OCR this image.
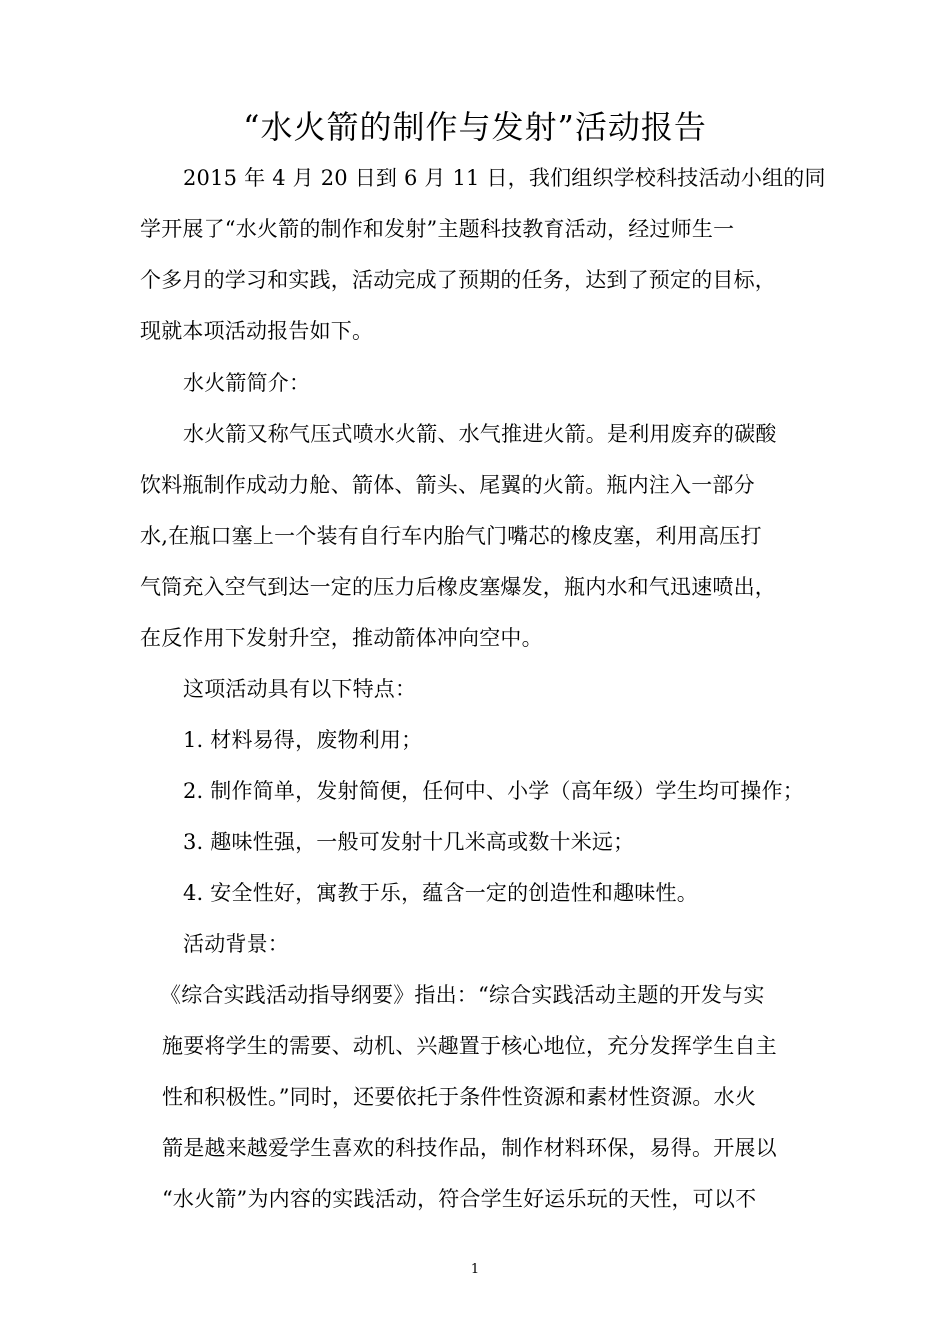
“水火箭的制作与发射”活动报告
2015 年 4 月 20 日到 6 月 11 日，我们组织学校科技活动小组的同
学开展了“水火箭的制作和发射”主题科技教育活动，经过师生一
个多月的学习和实践，活动完成了预期的任务，达到了预定的目标，
现就本项活动报告如下。
水火箭简介：
水火箭又称气压式喷水火箭、水气推进火箭。是利用废弃的碳酸
饮料瓶制作成动力舱、箭体、箭头、尾翼的火箭。瓶内注入一部分
水,在瓶口塞上一个装有自行车内胎气门嘴芯的橡皮塞，利用高压打
气筒充入空气到达一定的压力后橡皮塞爆发，瓶内水和气迅速喷出，
在反作用下发射升空，推动箭体冲向空中。
这项活动具有以下特点：
1. 材料易得，废物利用；
2. 制作简单，发射简便，任何中、小学（高年级）学生均可操作；
3. 趣味性强，一般可发射十几米高或数十米远；
4. 安全性好，寓教于乐，蕴含一定的创造性和趣味性。
活动背景：
《综合实践活动指导纲要》指出：“综合实践活动主题的开发与实
施要将学生的需要、动机、兴趣置于核心地位，充分发挥学生自主
性和积极性。”同时，还要依托于条件性资源和素材性资源。水火
箭是越来越爱学生喜欢的科技作品，制作材料环保，易得。开展以
“水火箭”为内容的实践活动，符合学生好运乐玩的天性，可以不
1
